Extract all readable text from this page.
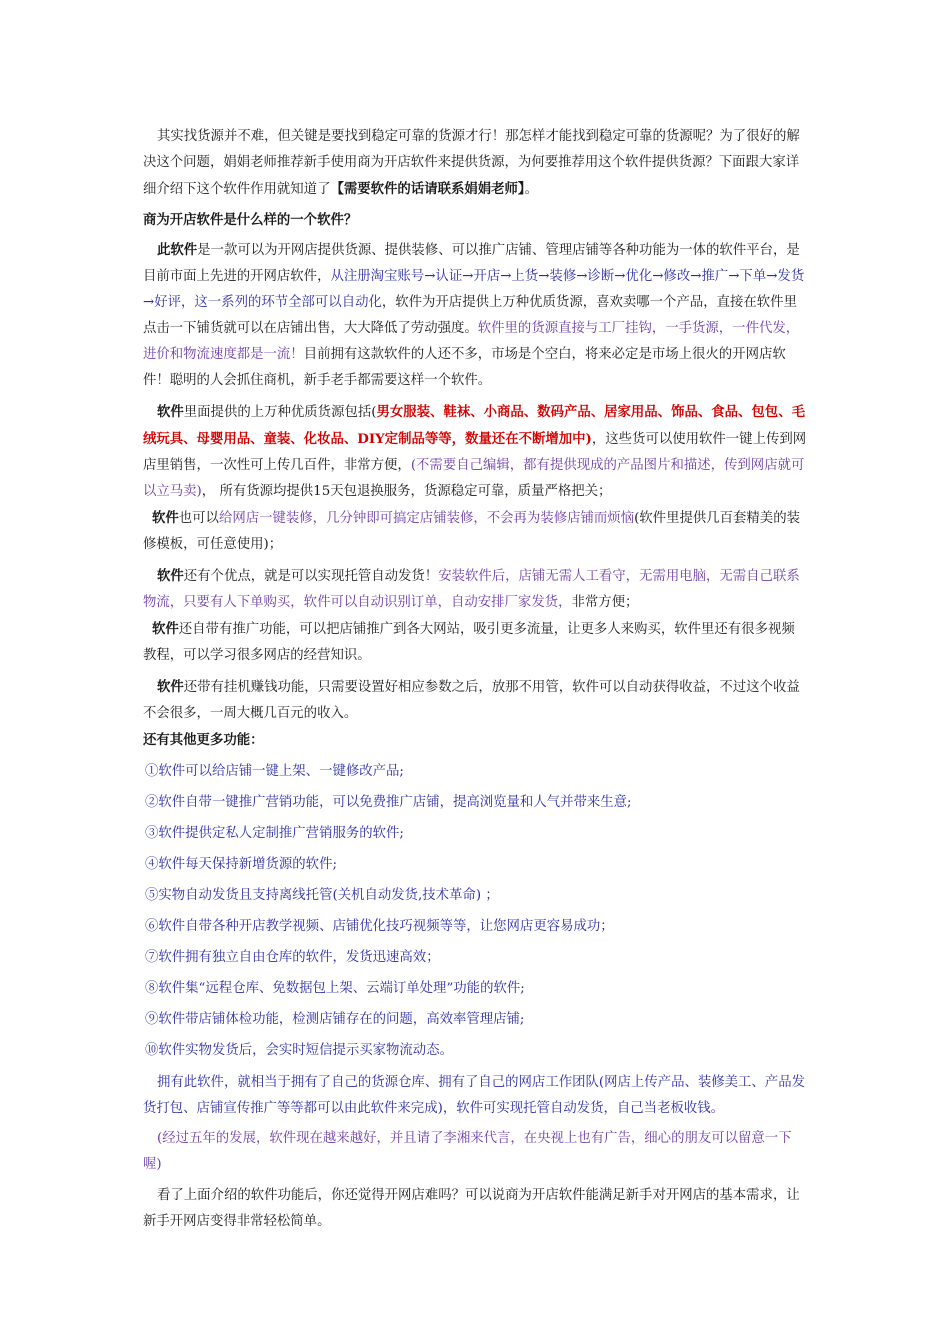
其实找货源并不难，但关键是要找到稳定可靠的货源才行！那怎样才能找到稳定可靠的货源呢？为了很好的解决这个问题，娟娟老师推荐新手使用商为开店软件来提供货源，为何要推荐用这个软件提供货源？下面跟大家详细介绍下这个软件作用就知道了【需要软件的话请联系娟娟老师】。

商为开店软件是什么样的一个软件？

此软件是一款可以为开网店提供货源、提供装修、可以推广店铺、管理店铺等各种功能为一体的软件平台，是目前市面上先进的开网店软件，从注册淘宝账号→认证→开店→上货→装修→诊断→优化→修改→推广→下单→发货→好评，这一系列的环节全部可以自动化，软件为开店提供上万种优质货源，喜欢卖哪一个产品，直接在软件里点击一下铺货就可以在店铺出售，大大降低了劳动强度。软件里的货源直接与工厂挂钩，一手货源，一件代发，进价和物流速度都是一流！目前拥有这款软件的人还不多，市场是个空白，将来必定是市场上很火的开网店软件！聪明的人会抓住商机，新手老手都需要这样一个软件。

软件里面提供的上万种优质货源包括(男女服装、鞋袜、小商品、数码产品、居家用品、饰品、食品、包包、毛绒玩具、母婴用品、童装、化妆品、DIY定制品等等，数量还在不断增加中)，这些货可以使用软件一键上传到网店里销售，一次性可上传几百件，非常方便，(不需要自己编辑，都有提供现成的产品图片和描述，传到网店就可以立马卖)， 所有货源均提供15天包退换服务，货源稳定可靠，质量严格把关；

软件也可以给网店一键装修，几分钟即可搞定店铺装修，不会再为装修店铺而烦恼(软件里提供几百套精美的装修模板，可任意使用)；

软件还有个优点，就是可以实现托管自动发货！安装软件后，店铺无需人工看守，无需用电脑，无需自己联系物流，只要有人下单购买，软件可以自动识别订单，自动安排厂家发货，非常方便；

软件还自带有推广功能，可以把店铺推广到各大网站，吸引更多流量，让更多人来购买，软件里还有很多视频教程，可以学习很多网店的经营知识。

软件还带有挂机赚钱功能，只需要设置好相应参数之后，放那不用管，软件可以自动获得收益，不过这个收益不会很多，一周大概几百元的收入。

还有其他更多功能：

①软件可以给店铺一键上架、一键修改产品;

②软件自带一键推广营销功能，可以免费推广店铺，提高浏览量和人气并带来生意;

③软件提供定私人定制推广营销服务的软件;

④软件每天保持新增货源的软件;

⑤实物自动发货且支持离线托管(关机自动发货,技术革命) ；

⑥软件自带各种开店教学视频、店铺优化技巧视频等等，让您网店更容易成功；

⑦软件拥有独立自由仓库的软件，发货迅速高效；

⑧软件集“远程仓库、免数据包上架、云端订单处理”功能的软件;

⑨软件带店铺体检功能，检测店铺存在的问题，高效率管理店铺;

⑩软件实物发货后，会实时短信提示买家物流动态。

拥有此软件，就相当于拥有了自己的货源仓库、拥有了自己的网店工作团队(网店上传产品、装修美工、产品发货打包、店铺宣传推广等等都可以由此软件来完成)，软件可实现托管自动发货，自己当老板收钱。

(经过五年的发展，软件现在越来越好，并且请了李湘来代言，在央视上也有广告，细心的朋友可以留意一下喔)

看了上面介绍的软件功能后，你还觉得开网店难吗？可以说商为开店软件能满足新手对开网店的基本需求，让新手开网店变得非常轻松简单。
